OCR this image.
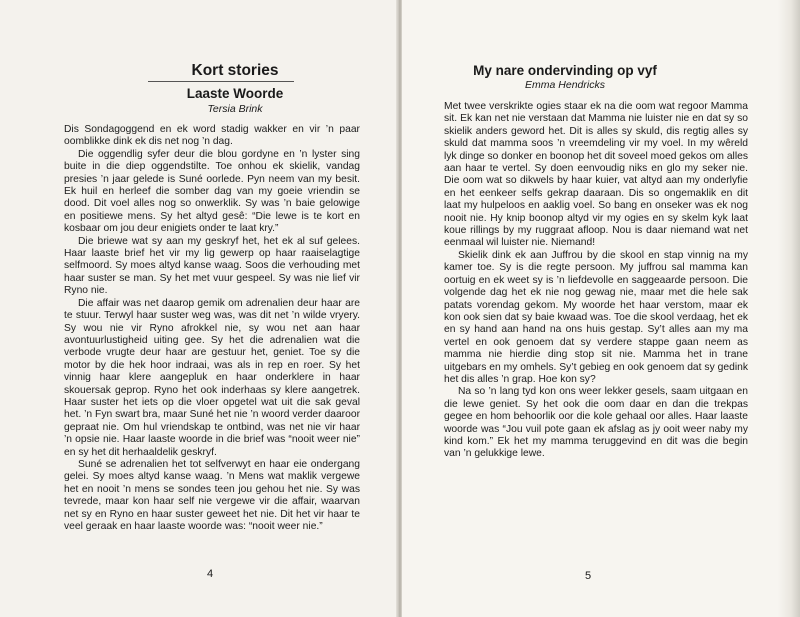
Kort stories
Laaste Woorde
Tersia Brink

Dis Sondagoggend en ek word stadig wakker en vir ’n paar oomblikke dink ek dis net nog ’n dag.

Die oggendlig syfer deur die blou gordyne en ’n lyster sing buite in die diep oggendstilte. Toe onhou ek skielik, vandag presies ’n jaar gelede is Suné oorlede. Pyn neem van my besit. Ek huil en herleef die somber dag van my goeie vriendin se dood. Dit voel alles nog so onwerklik. Sy was ’n baie gelowige en positiewe mens. Sy het altyd gesê: “Die lewe is te kort en kosbaar om jou deur enigiets onder te laat kry.”

Die briewe wat sy aan my geskryf het, het ek al suf gelees. Haar laaste brief het vir my lig gewerp op haar raaiselagtige selfmoord. Sy moes altyd kanse waag. Soos die verhouding met haar suster se man. Sy het met vuur gespeel. Sy was nie lief vir Ryno nie.

Die affair was net daarop gemik om adrenalien deur haar are te stuur. Terwyl haar suster weg was, was dit net ’n wilde vryery. Sy wou nie vir Ryno afrokkel nie, sy wou net aan haar avontuurlustigheid uiting gee. Sy het die adrenalien wat die verbode vrugte deur haar are gestuur het, geniet. Toe sy die motor by die hek hoor indraai, was als in rep en roer. Sy het vinnig haar klere aangepluk en haar onderklere in haar skouersak geprop. Ryno het ook inderhaas sy klere aangetrek. Haar suster het iets op die vloer opgetel wat uit die sak geval het. ’n Fyn swart bra, maar Suné het nie ’n woord verder daaroor gepraat nie. Om hul vriendskap te ontbind, was net nie vir haar ’n opsie nie. Haar laaste woorde in die brief was “nooit weer nie” en sy het dit herhaaldelik geskryf.

Suné se adrenalien het tot selfverwyt en haar eie ondergang gelei. Sy moes altyd kanse waag. ’n Mens wat maklik vergewe het en nooit ’n mens se sondes teen jou gehou het nie. Sy was tevrede, maar kon haar self nie vergewe vir die affair, waarvan net sy en Ryno en haar suster geweet het nie. Dit het vir haar te veel geraak en haar laaste woorde was: “nooit weer nie.”

4
My nare ondervinding op vyf
Emma Hendricks

Met twee verskrikte ogies staar ek na die oom wat regoor Mamma sit. Ek kan net nie verstaan dat Mamma nie luister nie en dat sy so skielik anders geword het. Dit is alles sy skuld, dis regtig alles sy skuld dat mamma soos ’n vreemdeling vir my voel. In my wêreld lyk dinge so donker en boonop het dit soveel moed gekos om alles aan haar te vertel. Sy doen eenvoudig niks en glo my seker nie. Die oom wat so dikwels by haar kuier, vat altyd aan my onderlyfie en het eenkeer selfs gekrap daaraan. Dis so ongemaklik en dit laat my hulpeloos en aaklig voel. So bang en onseker was ek nog nooit nie. Hy knip boonop altyd vir my ogies en sy skelm kyk laat koue rillings by my ruggraat afloop. Nou is daar niemand wat net eenmaal wil luister nie. Niemand!

Skielik dink ek aan Juffrou by die skool en stap vinnig na my kamer toe. Sy is die regte persoon. My juffrou sal mamma kan oortuig en ek weet sy is ’n liefdevolle en saggeaarde persoon. Die volgende dag het ek nie nog gewag nie, maar met die hele sak patats vorendag gekom. My woorde het haar verstom, maar ek kon ook sien dat sy baie kwaad was. Toe die skool verdaag, het ek en sy hand aan hand na ons huis gestap. Sy’t alles aan my ma vertel en ook genoem dat sy verdere stappe gaan neem as mamma nie hierdie ding stop sit nie. Mamma het in trane uitgebars en my omhels. Sy’t gebieg en ook genoem dat sy gedink het dis alles ’n grap. Hoe kon sy?

Na so ’n lang tyd kon ons weer lekker gesels, saam uitgaan en die lewe geniet. Sy het ook die oom daar en dan die trekpas gegee en hom behoorlik oor die kole gehaal oor alles. Haar laaste woorde was “Jou vuil pote gaan ek afslag as jy ooit weer naby my kind kom.” Ek het my mamma teruggevind en dit was die begin van ’n gelukkige lewe.

5
